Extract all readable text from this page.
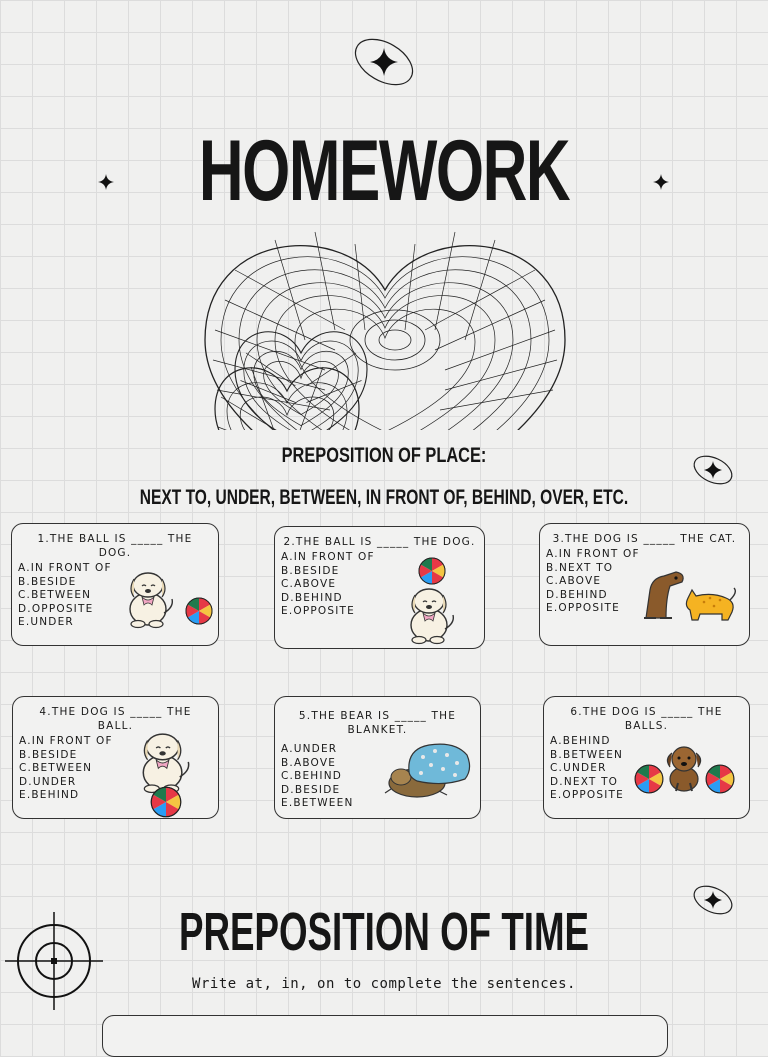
HOMEWORK
PREPOSITION OF PLACE:
NEXT TO, UNDER, BETWEEN, IN FRONT OF, BEHIND, OVER, ETC.
1.THE BALL IS _____ THE DOG.
A.IN FRONT OF
B.BESIDE
C.BETWEEN
D.OPPOSITE
E.UNDER
2.THE BALL IS _____ THE DOG.
A.IN FRONT OF
B.BESIDE
C.ABOVE
D.BEHIND
E.OPPOSITE
3.THE DOG IS _____ THE CAT.
A.IN FRONT OF
B.NEXT TO
C.ABOVE
D.BEHIND
E.OPPOSITE
4.THE DOG IS _____ THE BALL.
A.IN FRONT OF
B.BESIDE
C.BETWEEN
D.UNDER
E.BEHIND
5.THE BEAR IS _____ THE BLANKET.
A.UNDER
B.ABOVE
C.BEHIND
D.BESIDE
E.BETWEEN
6.THE DOG IS _____ THE BALLS.
A.BEHIND
B.BETWEEN
C.UNDER
D.NEXT TO
E.OPPOSITE
PREPOSITION OF TIME
Write at, in, on to complete the sentences.
